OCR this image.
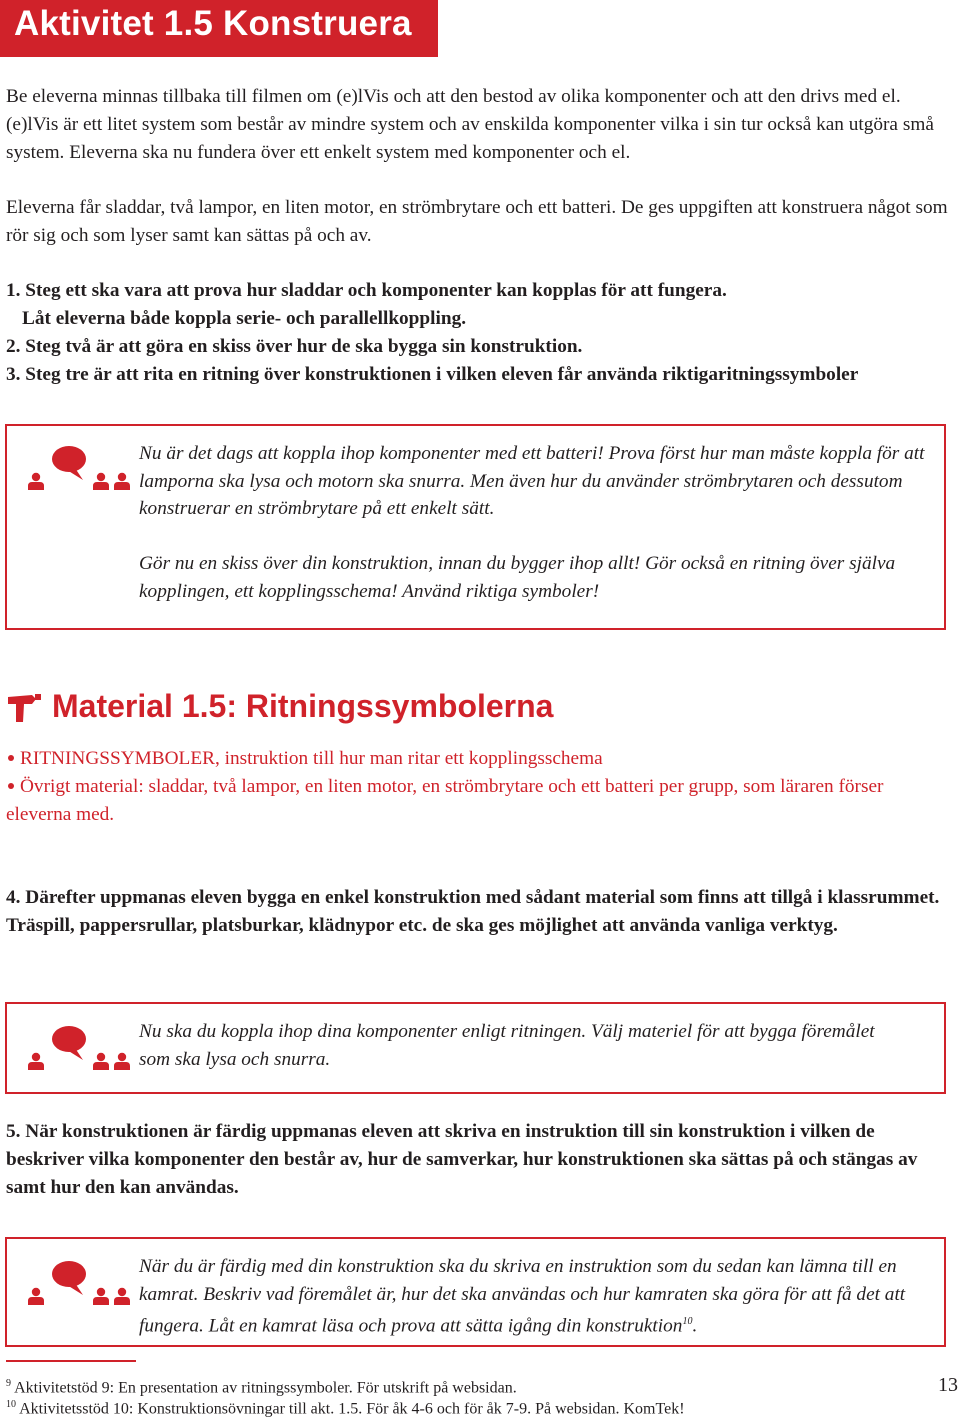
Aktivitet 1.5 Konstruera

Be eleverna minnas tillbaka till filmen om (e)lVis och att den bestod av olika komponenter och att den drivs med el. (e)lVis är ett litet system som består av mindre system och av enskilda komponenter vilka i sin tur också kan utgöra små system. Eleverna ska nu fundera över ett enkelt system med komponenter och el.

Eleverna får sladdar, två lampor, en liten motor, en strömbrytare och ett batteri. De ges uppgiften att konstruera något som rör sig och som lyser samt kan sättas på och av.

1. Steg ett ska vara att prova hur sladdar och komponenter kan kopplas för att fungera.

Låt eleverna både koppla serie- och parallellkoppling.

2. Steg två är att göra en skiss över hur de ska bygga sin konstruktion.

3. Steg tre är att rita en ritning över konstruktionen i vilken eleven får använda riktigaritningssymboler

Nu är det dags att koppla ihop komponenter med ett batteri! Prova först hur man måste koppla för att lamporna ska lysa och motorn ska snurra. Men även hur du använder strömbrytaren och dessutom konstruerar en strömbrytare på ett enkelt sätt.

Gör nu en skiss över din konstruktion, innan du bygger ihop allt! Gör också en ritning över själva kopplingen, ett kopplingsschema! Använd riktiga symboler!

Material 1.5: Ritningssymbolerna
RITNINGSSYMBOLER, instruktion till hur man ritar ett kopplingsschema
Övrigt material: sladdar, två lampor, en liten motor, en strömbrytare och ett batteri per grupp, som läraren förser eleverna med.

4. Därefter uppmanas eleven bygga en enkel konstruktion med sådant material som finns att tillgå i klassrummet. Träspill, pappersrullar, platsburkar, klädnypor etc. de ska ges möjlighet att använda vanliga verktyg.

Nu ska du koppla ihop dina komponenter enligt ritningen. Välj materiel för att bygga föremålet som ska lysa och snurra.

5. När konstruktionen är färdig uppmanas eleven att skriva en instruktion till sin konstruktion i vilken de beskriver vilka komponenter den består av, hur de samverkar, hur konstruktionen ska sättas på och stängas av samt hur den kan användas.

När du är färdig med din konstruktion ska du skriva en instruktion som du sedan kan lämna till en kamrat. Beskriv vad föremålet är, hur det ska användas och hur kamraten ska göra för att få det att fungera. Låt en kamrat läsa och prova att sätta igång din konstruktion$^{10}$.

$^9$ Aktivitetstöd 9: En presentation av ritningssymboler. För utskrift på websidan.

$^{10}$ Aktivitetsstöd 10: Konstruktionsövningar till akt. 1.5. För åk 4-6 och för åk 7-9. På websidan. KomTek!

13
